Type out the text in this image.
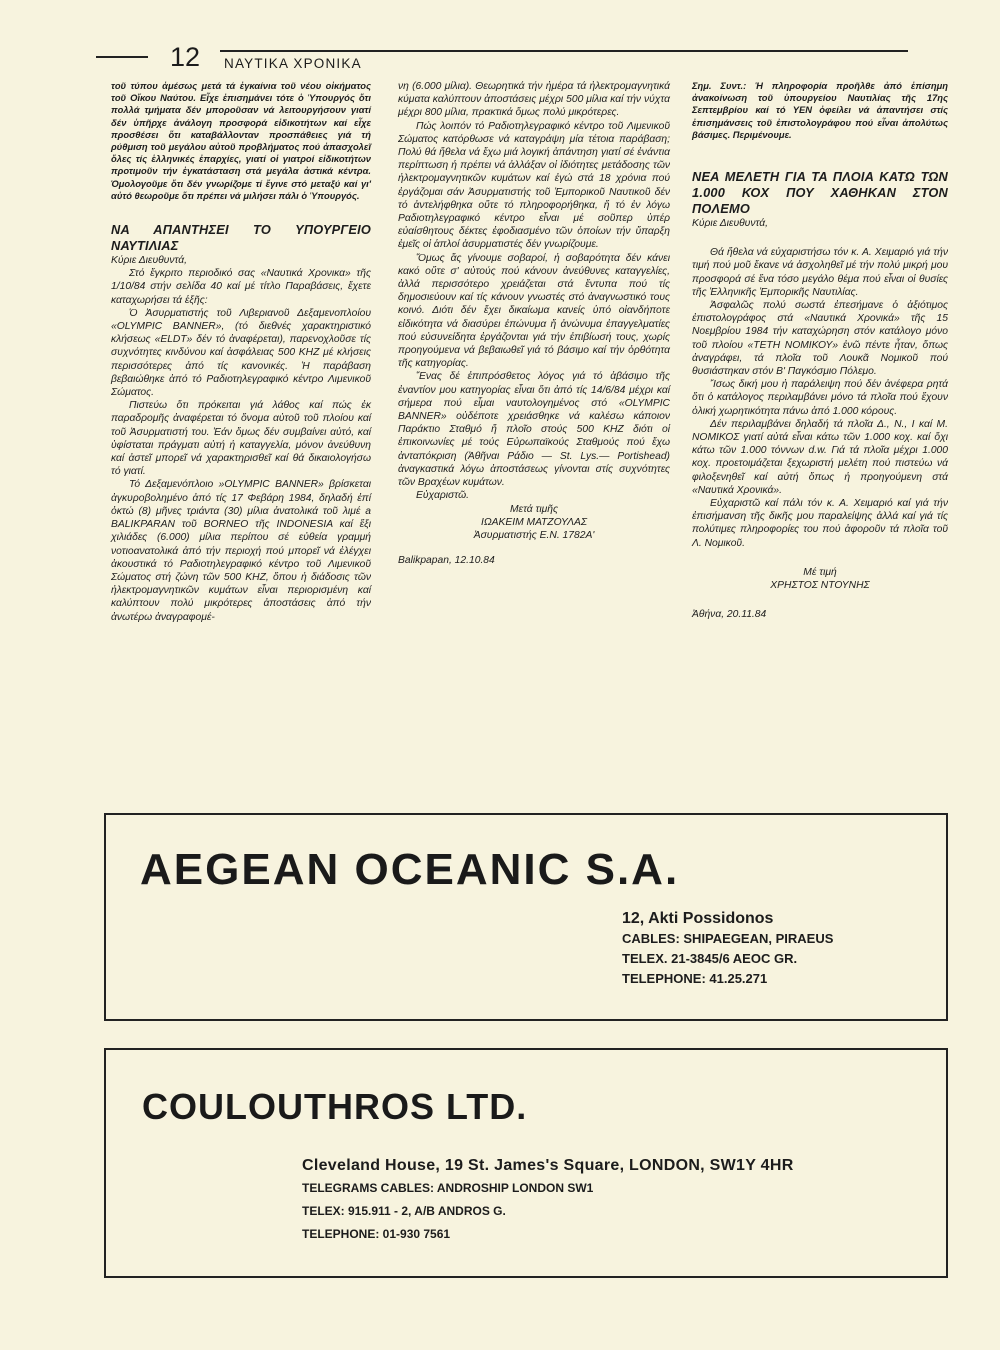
12 ΝΑΥΤΙΚΑ ΧΡΟΝΙΚΑ

τοῦ τύπου ἀμέσως μετά τά ἐγκαίνια τοῦ νέου οἰκήματος τοῦ Οἴκου Ναύτου. Εἶχε ἐπισημάνει τότε ὁ Ὑπουργός ὅτι πολλά τμήματα δέν μποροῦσαν νά λειτουργήσουν γιατί δέν ὑπῆρχε ἀνάλογη προσφορά εἰδικοτήτων καί εἶχε προσθέσει ὅτι καταβάλλονταν προσπάθειες γιά τή ρύθμιση τοῦ μεγάλου αὐτοῦ προβλήματος πού ἀπασχολεῖ ὅλες τίς ἑλληνικές ἐπαρχίες, γιατί οἱ γιατροί εἰδικοτήτων προτιμοῦν τήν ἐγκατάσταση στά μεγάλα ἀστικά κέντρα. Ὁμολογοῦμε ὅτι δέν γνωρίζομε τί ἔγινε στό μεταξύ καί γι' αὐτό θεωροῦμε ὅτι πρέπει νά μιλήσει πάλι ὁ Ὑπουργός.

ΝΑ ΑΠΑΝΤΗΣΕΙ ΤΟ ΥΠΟΥΡΓΕΙΟ ΝΑΥΤΙΛΙΑΣ

Κύριε Διευθυντά,

Στό ἔγκριτο περιοδικό σας «Ναυτικά Χρονικα» τῆς 1/10/84 στήν σελίδα 40 καί μέ τίτλο Παραβάσεις, ἔχετε καταχωρήσει τά ἑξῆς:

Ὁ Ἀσυρματιστής τοῦ Λιβεριανοῦ Δεξαμενοπλοίου «OLYMPIC BANNER», (τό διεθνές χαρακτηριστικό κλήσεως «ELDT» δέν τό ἀναφέρεται), παρενοχλοῦσε τίς συχνότητες κινδύνου καί ἀσφάλειας 500 KHZ μέ κλήσεις περισσότερες ἀπό τίς κανονικές. Ἡ παράβαση βεβαιώθηκε ἀπό τό Ραδιοτηλεγραφικό κέντρο Λιμενικοῦ Σώματος.

Πιστεύω ὅτι πρόκειται γιά λάθος καί πώς ἐκ παραδρομῆς ἀναφέρεται τό ὄνομα αὐτοῦ τοῦ πλοίου καί τοῦ Ἀσυρματιστή του. Ἐάν ὅμως δέν συμβαίνει αὐτό, καί ὑφίσταται πράγματι αὐτή ἡ καταγγελία, μόνον ἀνεύθυνη καί ἀστεῖ μπορεῖ νά χαρακτηρισθεῖ καί θά δικαιολογήσω τό γιατί.

Τό Δεξαμενόπλοιο »OLYMPIC BANNER» βρίσκεται ἀγκυροβολημένο ἀπό τίς 17 Φεβάρη 1984, δηλαδή ἐπί ὀκτώ (8) μῆνες τριάντα (30) μίλια ἀνατολικά τοῦ λιμέ a BALIKPARAN τοῦ BORNEO τῆς INDONESIA καί ἕξι χιλιάδες (6.000) μίλια περίπου σέ εὐθεία γραμμή νοτιοανατολικά ἀπό τήν περιοχή πού μπορεῖ νά ἐλέγχει ἀκουστικά τό Ραδιοτηλεγραφικό κέντρο τοῦ Λιμενικοῦ Σώματος στή ζώνη τῶν 500 KHZ, ὅπου ἡ διάδοσις τῶν ἠλεκτρομαγνητικῶν κυμάτων εἶναι περιορισμένη καί καλύπτουν πολύ μικρότερες ἀποστάσεις ἀπό τήν ἀνωτέρω ἀναγραφομέ-

νη (6.000 μίλια). Θεωρητικά τήν ἡμέρα τά ἠλεκτρομαγνητικά κύματα καλύπτουν ἀποστάσεις μέχρι 500 μίλια καί τήν νύχτα μέχρι 800 μίλια, πρακτικά ὅμως πολύ μικρότερες.

Πώς λοιπόν τό Ραδιοτηλεγραφικό κέντρο τοῦ Λιμενικοῦ Σώματος κατόρθωσε νά καταγράψη μία τέτοια παράβαση; Πολύ θά ἤθελα νά ἔχω μιά λογική ἀπάντηση γιατί σέ ἐνάντια περίπτωση ἡ πρέπει νά ἀλλάξαν οἱ ἰδιότητες μετάδοσης τῶν ἠλεκτρομαγνητικῶν κυμάτων καί ἐγώ στά 18 χρόνια πού ἐργάζομαι σάν Ἀσυρματιστής τοῦ Ἐμπορικοῦ Ναυτικοῦ δέν τό ἀντελήφθηκα οὔτε τό πληροφορήθηκα, ἤ τό ἐν λόγω Ραδιοτηλεγραφικό κέντρο εἶναι μέ σοῦπερ ὑπέρ εὐαίσθητους δέκτες ἐφοδιασμένο τῶν ὁποίων τήν ὕπαρξη ἐμεῖς οἱ ἁπλοί ἀσυρματιστές δέν γνωρίζουμε.

Ὅμως ἄς γίνουμε σοβαροί, ἡ σοβαρότητα δέν κάνει κακό οὔτε σ' αὐτούς πού κάνουν ἀνεύθυνες καταγγελίες, ἀλλά περισσότερο χρειάζεται στά ἔντυπα πού τίς δημοσιεύουν καί τίς κάνουν γνωστές στό ἀναγνωστικό τους κοινό. Διότι δέν ἔχει δικαίωμα κανείς ὑπό οἱανδήποτε εἰδικότητα νά διασύρει ἐπώνυμα ἤ ἀνώνυμα ἐπαγγελματίες πού εὐσυνείδητα ἐργάζονται γιά τήν ἐπιβίωσή τους, χωρίς προηγούμενα νά βεβαιωθεῖ γιά τό βάσιμο καί τήν ὀρθότητα τῆς κατηγορίας.

Ἕνας δέ ἐπιπρόσθετος λόγος γιά τό ἀβάσιμο τῆς ἐναντίον μου κατηγορίας εἶναι ὅτι ἀπό τίς 14/6/84 μέχρι καί σήμερα πού εἶμαι ναυτολογημένος στό «OLYMPIC BANNER» οὐδέποτε χρειάσθηκε νά καλέσω κάποιον Παράκτιο Σταθμό ἤ πλοῖο στούς 500 KHZ διότι οἱ ἐπικοινωνίες μέ τούς Εὐρωπαϊκούς Σταθμούς πού ἔχω ἀνταπόκριση (Ἀθῆναι Ράδιο — St. Lys.— Portishead) ἀναγκαστικά λόγω ἀποστάσεως γίνονται στίς συχνότητες τῶν Βραχέων κυμάτων.

Εὐχαριστῶ.

Μετά τιμῆς

ΙΩΑΚΕΙΜ ΜΑΤΖΟΥΛΑΣ

Ἀσυρματιστής Ε.Ν. 1782Α'

Balikpapan, 12.10.84

Σημ. Συντ.: Ἡ πληροφορία προῆλθε ἀπό ἐπίσημη ἀνακοίνωση τοῦ ὑπουργείου Ναυτιλίας τῆς 17ης Σεπτεμβρίου καί τό ΥΕΝ ὀφείλει νά ἀπαντήσει στίς ἐπισημάνσεις τοῦ ἐπιστολογράφου πού εἶναι ἀπολύτως βάσιμες. Περιμένουμε.

ΝΕΑ ΜΕΛΕΤΗ ΓΙΑ ΤΑ ΠΛΟΙΑ ΚΑΤΩ ΤΩΝ 1.000 ΚΟΧ ΠΟΥ ΧΑΘΗΚΑΝ ΣΤΟΝ ΠΟΛΕΜΟ

Κύριε Διευθυντά,

Θά ἤθελα νά εὐχαριστήσω τόν κ. Α. Χειμαριό γιά τήν τιμή πού μοῦ ἔκανε νά ἀσχοληθεῖ μέ τήν πολύ μικρή μου προσφορά σέ ἕνα τόσο μεγάλο θέμα πού εἶναι οἱ θυσίες τῆς Ἑλληνικῆς Ἐμπορικῆς Ναυτιλίας.

Ἀσφαλῶς πολύ σωστά ἐπεσήμανε ὁ ἀξιότιμος ἐπιστολογράφος στά «Ναυτικά Χρονικά» τῆς 15 Νοεμβρίου 1984 τήν καταχώρηση στόν κατάλογο μόνο τοῦ πλοίου «ΤΕΤΗ ΝΟΜΙΚΟΥ» ἐνῶ πέντε ἦταν, ὅπως ἀναγράφει, τά πλοῖα τοῦ Λουκᾶ Νομικοῦ πού θυσιάστηκαν στόν Β' Παγκόσμιο Πόλεμο.

Ἴσως δική μου ἡ παράλειψη πού δέν ἀνέφερα ρητά ὅτι ὁ κατάλογος περιλαμβάνει μόνο τά πλοῖα πού ἔχουν ὁλική χωρητικότητα πάνω ἀπό 1.000 κόρους.

Δέν περιλαμβάνει δηλαδή τά πλοῖα Δ., Ν., Ι καί Μ. ΝΟΜΙΚΟΣ γιατί αὐτά εἶναι κάτω τῶν 1.000 κοχ. καί ὄχι κάτω τῶν 1.000 τόννων d.w. Γιά τά πλοῖα μέχρι 1.000 κοχ. προετοιμάζεται ξεχωριστή μελέτη πού πιστεύω νά φιλοξενηθεῖ καί αὐτή ὅπως ἡ προηγούμενη στά «Ναυτικά Χρονικά».

Εὐχαριστῶ καί πάλι τόν κ. Α. Χειμαριό καί γιά τήν ἐπισήμανση τῆς δικῆς μου παραλείψης ἀλλά καί γιά τίς πολύτιμες πληροφορίες του πού ἀφοροῦν τά πλοῖα τοῦ Λ. Νομικοῦ.

Μέ τιμή

ΧΡΗΣΤΟΣ ΝΤΟΥΝΗΣ

Ἀθήνα, 20.11.84

AEGEAN OCEANIC S.A.
12, Akti Possidonos
CABLES: SHIPAEGEAN, PIRAEUS
TELEX. 21-3845/6 AEOC GR.
TELEPHONE: 41.25.271
COULOUTHROS LTD.
Cleveland House, 19 St. James's Square, LONDON, SW1Y 4HR
TELEGRAMS CABLES: ANDROSHIP LONDON SW1
TELEX: 915.911 - 2, A/B ANDROS G.
TELEPHONE: 01-930 7561
